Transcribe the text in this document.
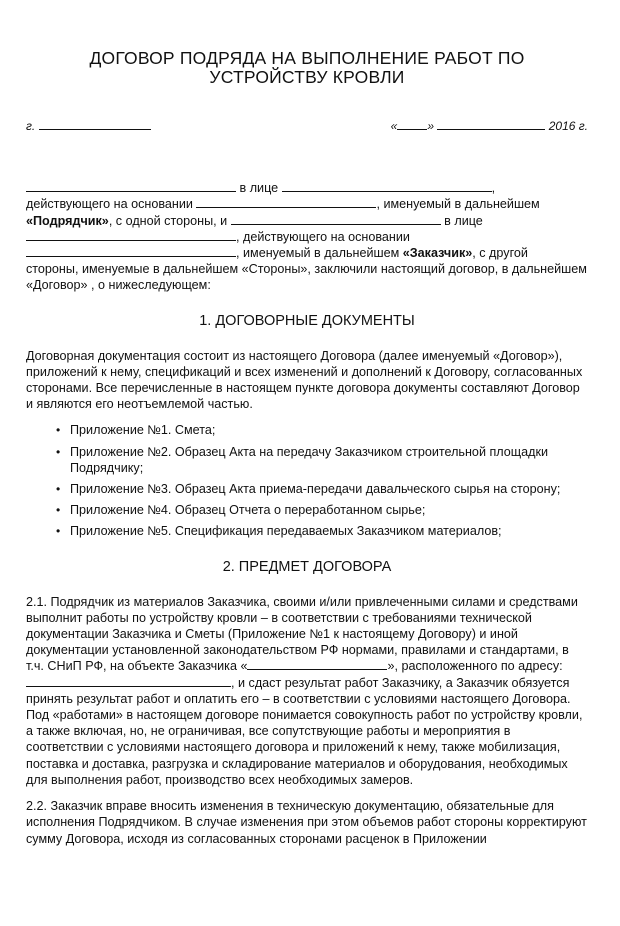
ДОГОВОР ПОДРЯДА НА ВЫПОЛНЕНИЕ РАБОТ ПО
УСТРОЙСТВУ КРОВЛИ
г.	«	»	2016 г.

в лице	,

действующего на основании	, именуемый в дальнейшем

«Подрядчик», с одной стороны, и	в лице

, действующего на основании

, именуемый в дальнейшем «Заказчик», с другой

стороны, именуемые в дальнейшем «Стороны», заключили настоящий договор, в дальнейшем «Договор» , о нижеследующем:

1. ДОГОВОРНЫЕ ДОКУМЕНТЫ

Договорная документация состоит из настоящего Договора (далее именуемый «Договор»), приложений к нему, спецификаций и всех изменений и дополнений к Договору, согласованных сторонами. Все перечисленные в настоящем пункте договора документы составляют Договор и являются его неотъемлемой частью.

• Приложение №1. Смета;
• Приложение №2. Образец Акта на передачу Заказчиком строительной площадки Подрядчику;
• Приложение №3. Образец Акта приема-передачи давальческого сырья на сторону;
• Приложение №4. Образец Отчета о переработанном сырье;
• Приложение №5. Спецификация передаваемых Заказчиком материалов;
2. ПРЕДМЕТ ДОГОВОРА

2.1. Подрядчик из материалов Заказчика, своими и/или привлеченными силами и средствами выполнит работы по устройству кровли – в соответствии с требованиями технической документации Заказчика и Сметы (Приложение №1 к настоящему Договору) и иной документации установленной законодательством РФ нормами, правилами и стандартами, в т.ч. СНиП РФ, на объекте Заказчика «	», расположенного по адресу: , и сдаст результат работ Заказчику, а Заказчик обязуется принять результат работ и оплатить его – в соответствии с условиями настоящего Договора. Под «работами» в настоящем договоре понимается совокупность работ по устройству кровли, а также включая, но, не ограничивая, все сопутствующие работы и мероприятия в соответствии с условиями настоящего договора и приложений к нему, также мобилизация, поставка и доставка, разгрузка и складирование материалов и оборудования, необходимых для выполнения работ, производство всех необходимых замеров.

2.2. Заказчик вправе вносить изменения в техническую документацию, обязательные для исполнения Подрядчиком. В случае изменения при этом объемов работ стороны корректируют сумму Договора, исходя из согласованных сторонами расценок в Приложении
